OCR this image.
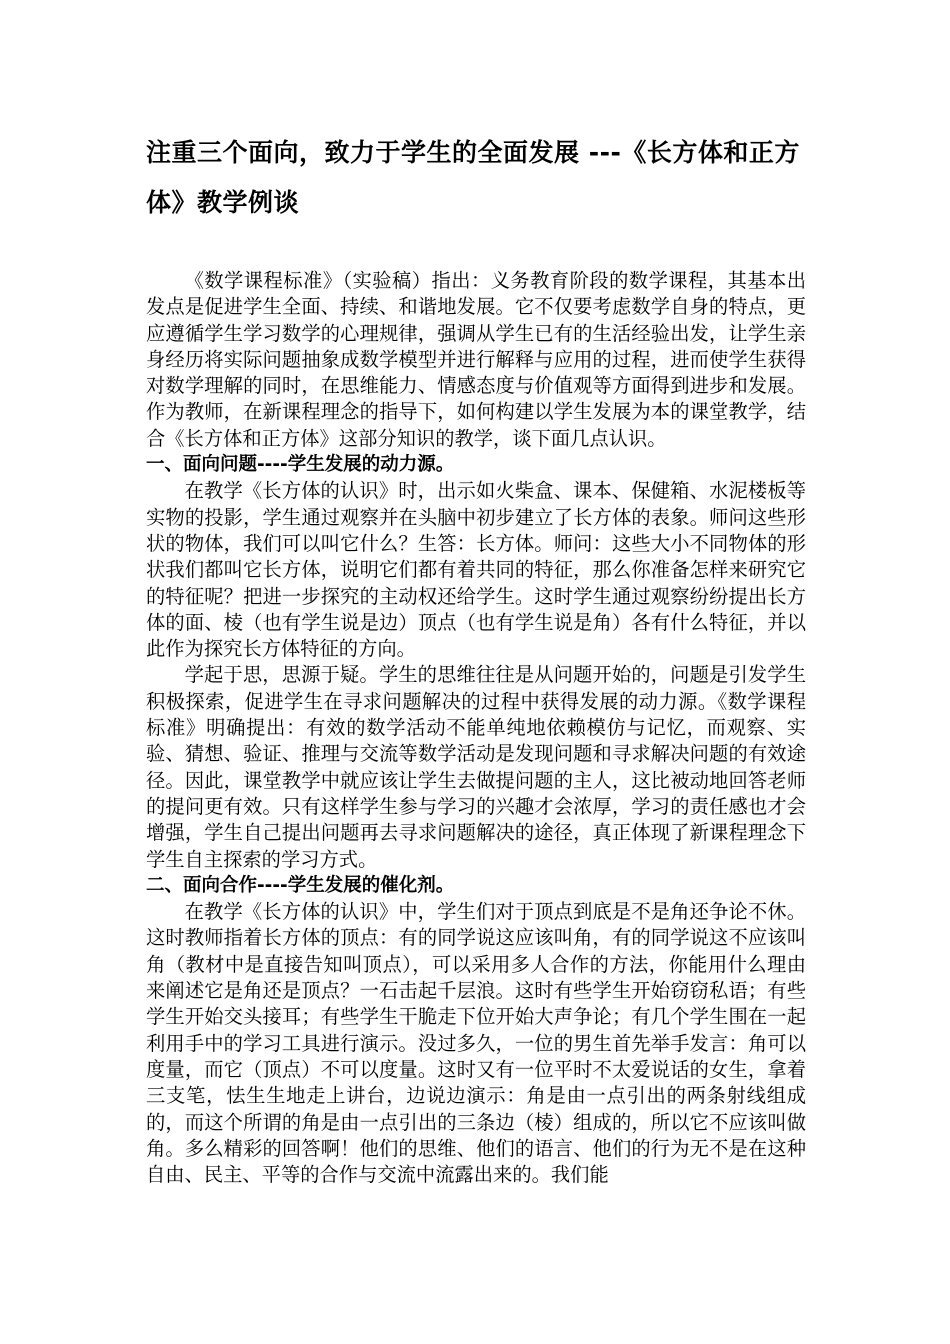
注重三个面向，致力于学生的全面发展 ---《长方体和正方体》教学例谈

《数学课程标准》（实验稿）指出：义务教育阶段的数学课程，其基本出发点是促进学生全面、持续、和谐地发展。它不仅要考虑数学自身的特点，更应遵循学生学习数学的心理规律，强调从学生已有的生活经验出发，让学生亲身经历将实际问题抽象成数学模型并进行解释与应用的过程，进而使学生获得对数学理解的同时，在思维能力、情感态度与价值观等方面得到进步和发展。作为教师，在新课程理念的指导下，如何构建以学生发展为本的课堂教学，结合《长方体和正方体》这部分知识的教学，谈下面几点认识。

一、面向问题----学生发展的动力源。

在教学《长方体的认识》时，出示如火柴盒、课本、保健箱、水泥楼板等实物的投影，学生通过观察并在头脑中初步建立了长方体的表象。师问这些形状的物体，我们可以叫它什么？生答：长方体。师问：这些大小不同物体的形状我们都叫它长方体，说明它们都有着共同的特征，那么你准备怎样来研究它的特征呢？把进一步探究的主动权还给学生。这时学生通过观察纷纷提出长方体的面、棱（也有学生说是边）顶点（也有学生说是角）各有什么特征，并以此作为探究长方体特征的方向。

学起于思，思源于疑。学生的思维往往是从问题开始的，问题是引发学生积极探索，促进学生在寻求问题解决的过程中获得发展的动力源。《数学课程标准》明确提出：有效的数学活动不能单纯地依赖模仿与记忆，而观察、实验、猜想、验证、推理与交流等数学活动是发现问题和寻求解决问题的有效途径。因此，课堂教学中就应该让学生去做提问题的主人，这比被动地回答老师的提问更有效。只有这样学生参与学习的兴趣才会浓厚，学习的责任感也才会增强，学生自己提出问题再去寻求问题解决的途径，真正体现了新课程理念下学生自主探索的学习方式。

二、面向合作----学生发展的催化剂。

在教学《长方体的认识》中，学生们对于顶点到底是不是角还争论不休。这时教师指着长方体的顶点：有的同学说这应该叫角，有的同学说这不应该叫角（教材中是直接告知叫顶点），可以采用多人合作的方法，你能用什么理由来阐述它是角还是顶点？一石击起千层浪。这时有些学生开始窃窃私语；有些学生开始交头接耳；有些学生干脆走下位开始大声争论；有几个学生围在一起利用手中的学习工具进行演示。没过多久，一位的男生首先举手发言：角可以度量，而它（顶点）不可以度量。这时又有一位平时不太爱说话的女生，拿着三支笔，怯生生地走上讲台，边说边演示：角是由一点引出的两条射线组成的，而这个所谓的角是由一点引出的三条边（棱）组成的，所以它不应该叫做角。多么精彩的回答啊！他们的思维、他们的语言、他们的行为无不是在这种自由、民主、平等的合作与交流中流露出来的。我们能
